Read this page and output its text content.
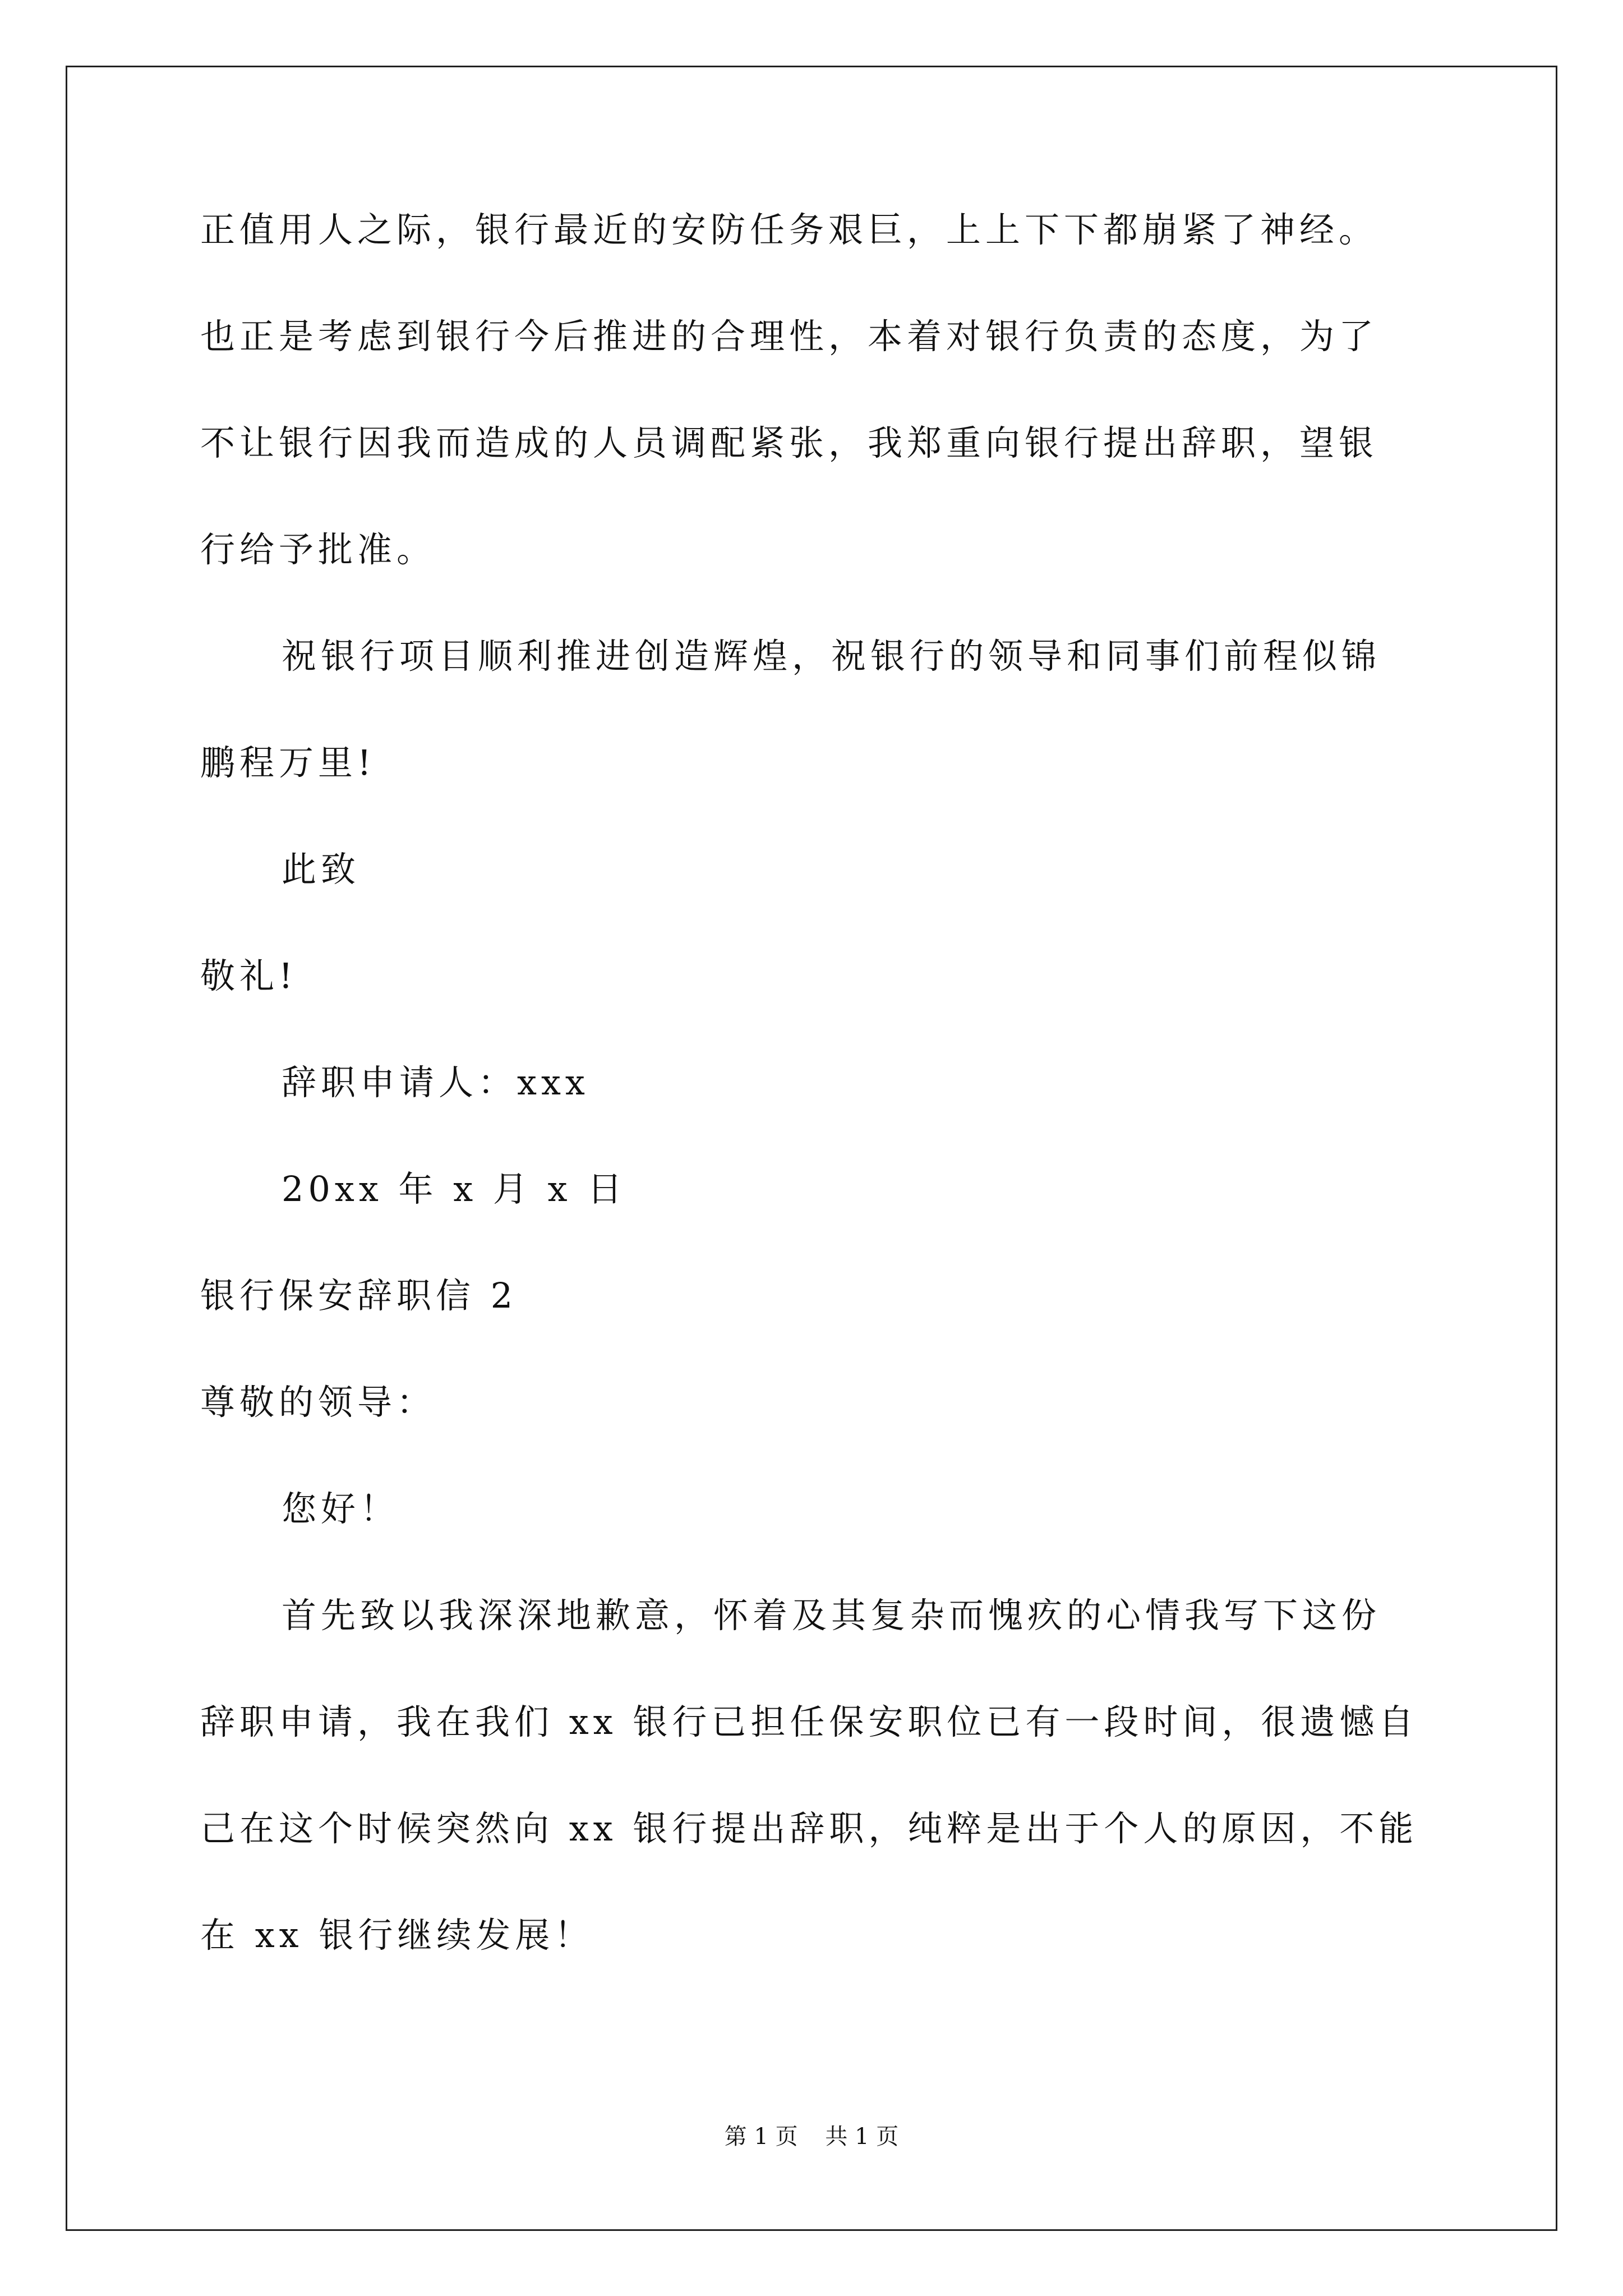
正值用人之际，银行最近的安防任务艰巨，上上下下都崩紧了神经。
也正是考虑到银行今后推进的合理性，本着对银行负责的态度，为了
不让银行因我而造成的人员调配紧张，我郑重向银行提出辞职，望银
行给予批准。
祝银行项目顺利推进创造辉煌，祝银行的领导和同事们前程似锦
鹏程万里!
此致
敬礼!
辞职申请人：xxx
20xx 年 x 月 x 日
银行保安辞职信 2
尊敬的领导：
您好！
首先致以我深深地歉意，怀着及其复杂而愧疚的心情我写下这份
辞职申请，我在我们 xx 银行已担任保安职位已有一段时间，很遗憾自
己在这个时候突然向 xx 银行提出辞职，纯粹是出于个人的原因，不能
在 xx 银行继续发展！
第 1 页 共 1 页
